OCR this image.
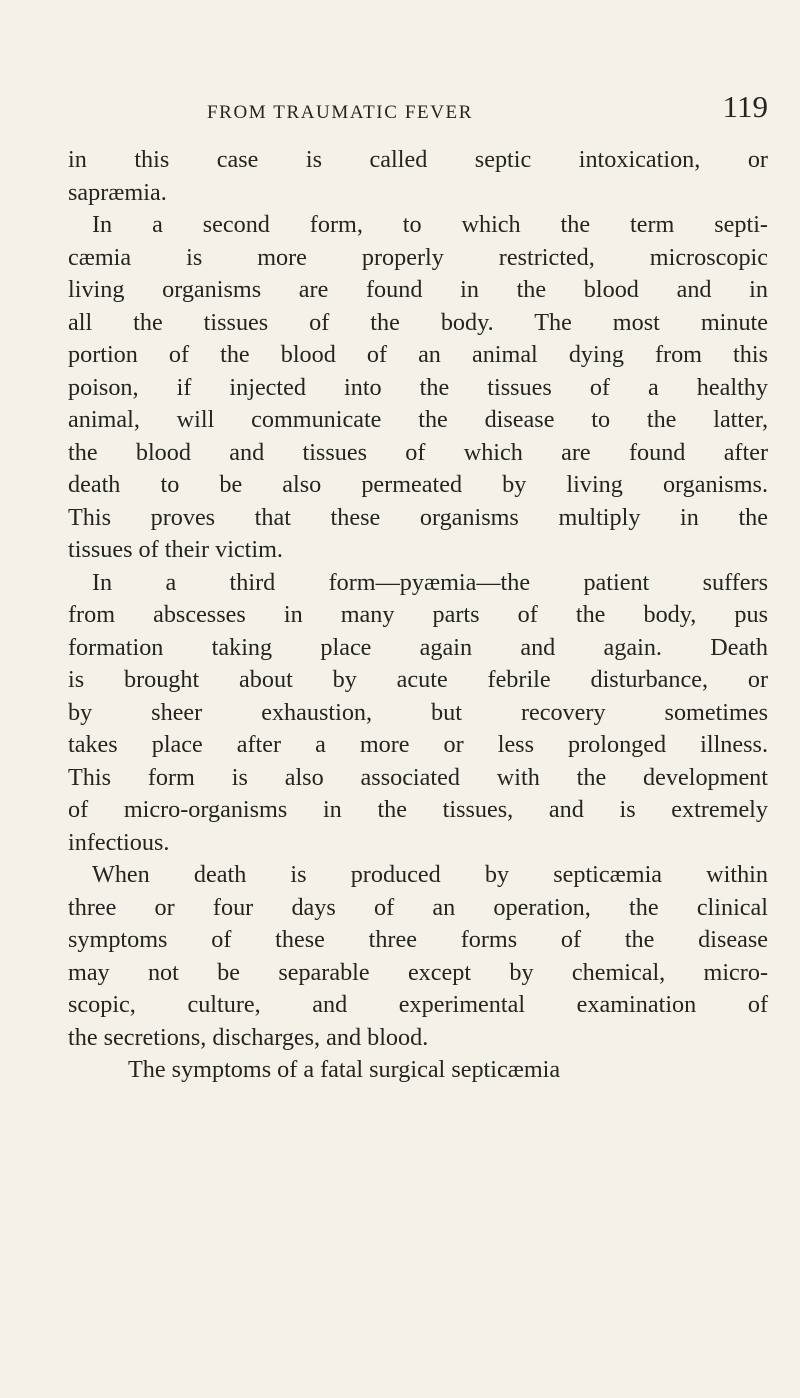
FROM TRAUMATIC FEVER	119
in this case is called septic intoxication, or
sapræmia.
In a second form, to which the term septi-
cæmia is more properly restricted, microscopic
living organisms are found in the blood and in
all the tissues of the body. The most minute
portion of the blood of an animal dying from this
poison, if injected into the tissues of a healthy
animal, will communicate the disease to the latter,
the blood and tissues of which are found after
death to be also permeated by living organisms.
This proves that these organisms multiply in the
tissues of their victim.
In a third form—pyæmia—the patient suffers
from abscesses in many parts of the body, pus
formation taking place again and again. Death
is brought about by acute febrile disturbance, or
by sheer exhaustion, but recovery sometimes
takes place after a more or less prolonged illness.
This form is also associated with the development
of micro-organisms in the tissues, and is extremely
infectious.
When death is produced by septicæmia within
three or four days of an operation, the clinical
symptoms of these three forms of the disease
may not be separable except by chemical, micro-
scopic, culture, and experimental examination of
the secretions, discharges, and blood.
The symptoms of a fatal surgical septicæmia
